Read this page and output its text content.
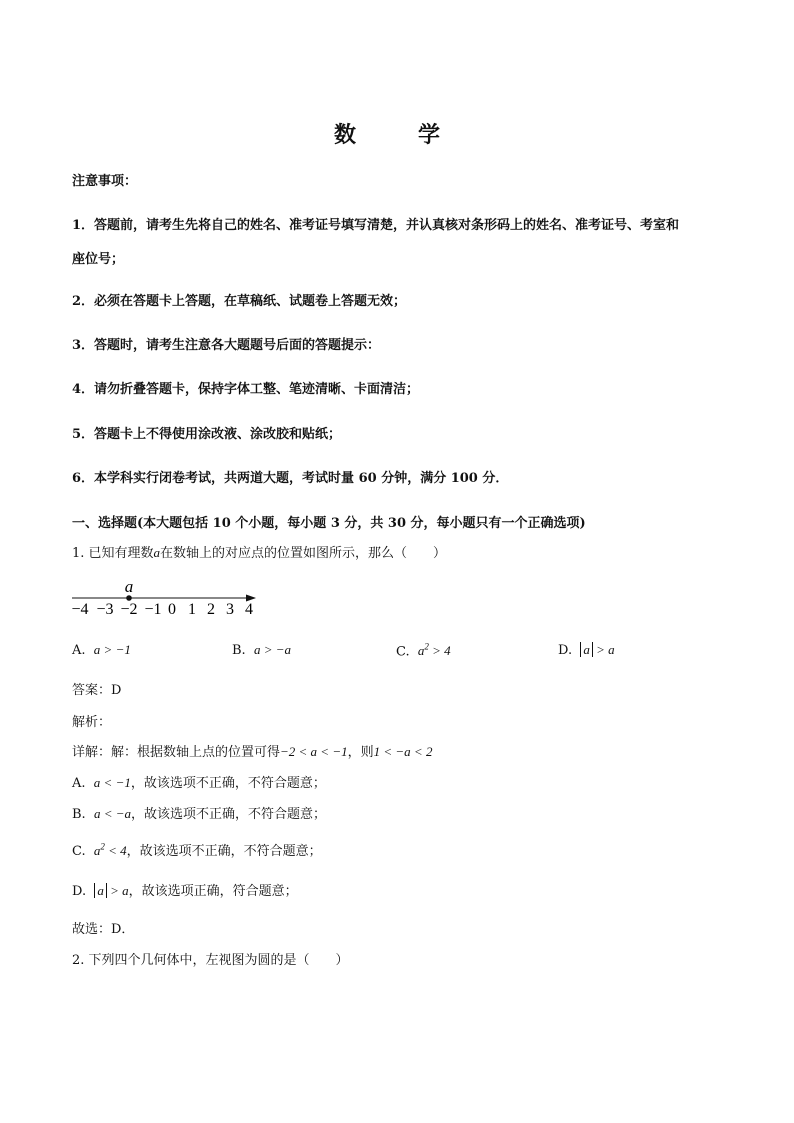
数　学
注意事项：
1．答题前，请考生先将自己的姓名、准考证号填写清楚，并认真核对条形码上的姓名、准考证号、考室和
座位号；
2．必须在答题卡上答题，在草稿纸、试题卷上答题无效；
3．答题时，请考生注意各大题题号后面的答题提示：
4．请勿折叠答题卡，保持字体工整、笔迹清晰、卡面清洁；
5．答题卡上不得使用涂改液、涂改胶和贴纸；
6．本学科实行闭卷考试，共两道大题，考试时量 60 分钟，满分 100 分．
一、选择题(本大题包括 10 个小题，每小题 3 分，共 30 分，每小题只有一个正确选项)
1. 已知有理数a在数轴上的对应点的位置如图所示，那么（　　）
a
−4 −3 −2 −1 0 1 2 3 4
A. a > −1	B. a > −a	C. $a^2 > 4$	D. a > a
答案：D
解析：
详解：解：根据数轴上点的位置可得−2 < a < −1，则1 < −a < 2
A. a < −1，故该选项不正确，不符合题意；
B. a < −a，故该选项不正确，不符合题意；
C. $a^2 < 4$，故该选项不正确，不符合题意；
D. a > a，故该选项正确，符合题意；
故选：D．
2. 下列四个几何体中，左视图为圆的是（　　）
